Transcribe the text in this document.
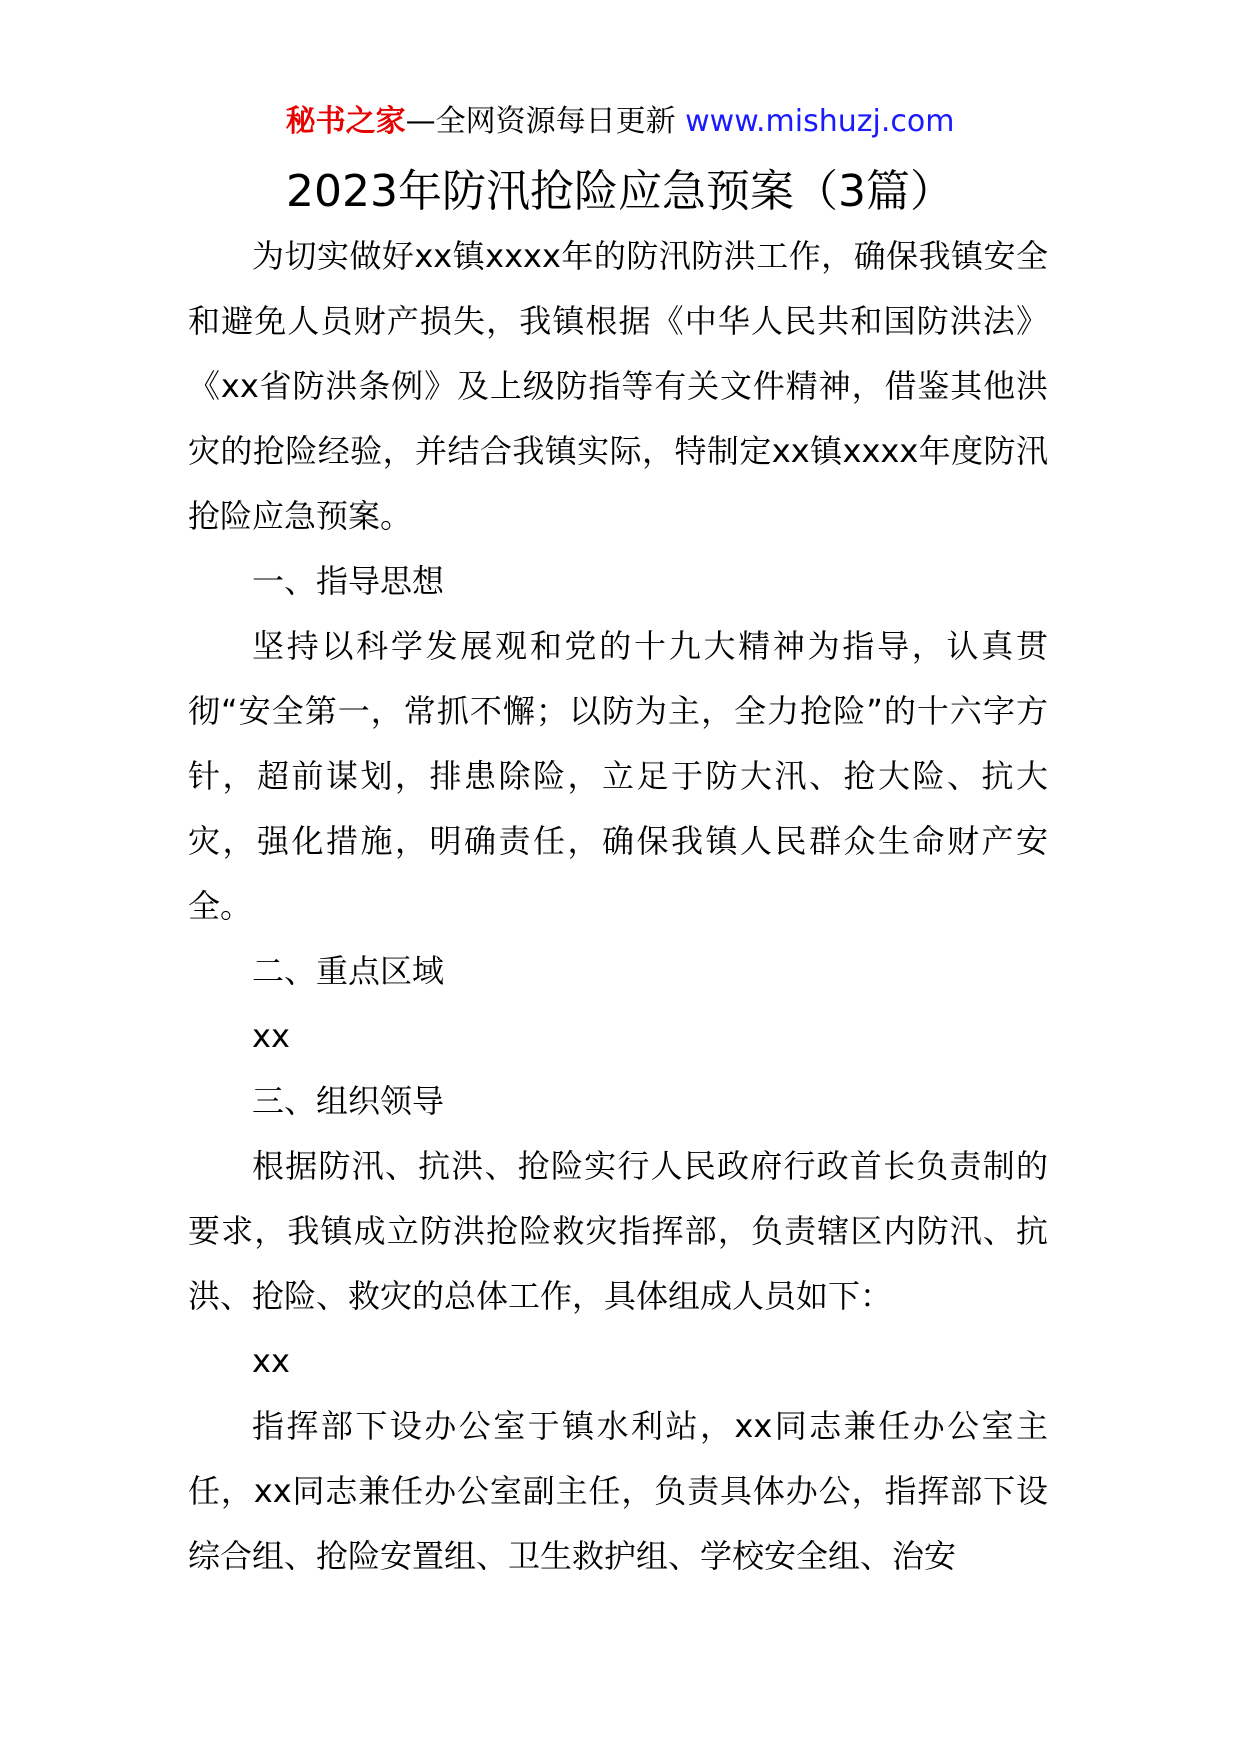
秘书之家—全网资源每日更新 www.mishuzj.com
2023年防汛抢险应急预案（3篇）

为切实做好xx镇xxxx年的防汛防洪工作，确保我镇安全和避免人员财产损失，我镇根据《中华人民共和国防洪法》《xx省防洪条例》及上级防指等有关文件精神，借鉴其他洪灾的抢险经验，并结合我镇实际，特制定xx镇xxxx年度防汛抢险应急预案。

一、指导思想

坚持以科学发展观和党的十九大精神为指导，认真贯彻“安全第一，常抓不懈；以防为主，全力抢险”的十六字方针，超前谋划，排患除险，立足于防大汛、抢大险、抗大灾，强化措施，明确责任，确保我镇人民群众生命财产安全。

二、重点区域

xx

三、组织领导

根据防汛、抗洪、抢险实行人民政府行政首长负责制的要求，我镇成立防洪抢险救灾指挥部，负责辖区内防汛、抗洪、抢险、救灾的总体工作，具体组成人员如下：

xx

指挥部下设办公室于镇水利站，xx同志兼任办公室主任，xx同志兼任办公室副主任，负责具体办公，指挥部下设综合组、抢险安置组、卫生救护组、学校安全组、治安
